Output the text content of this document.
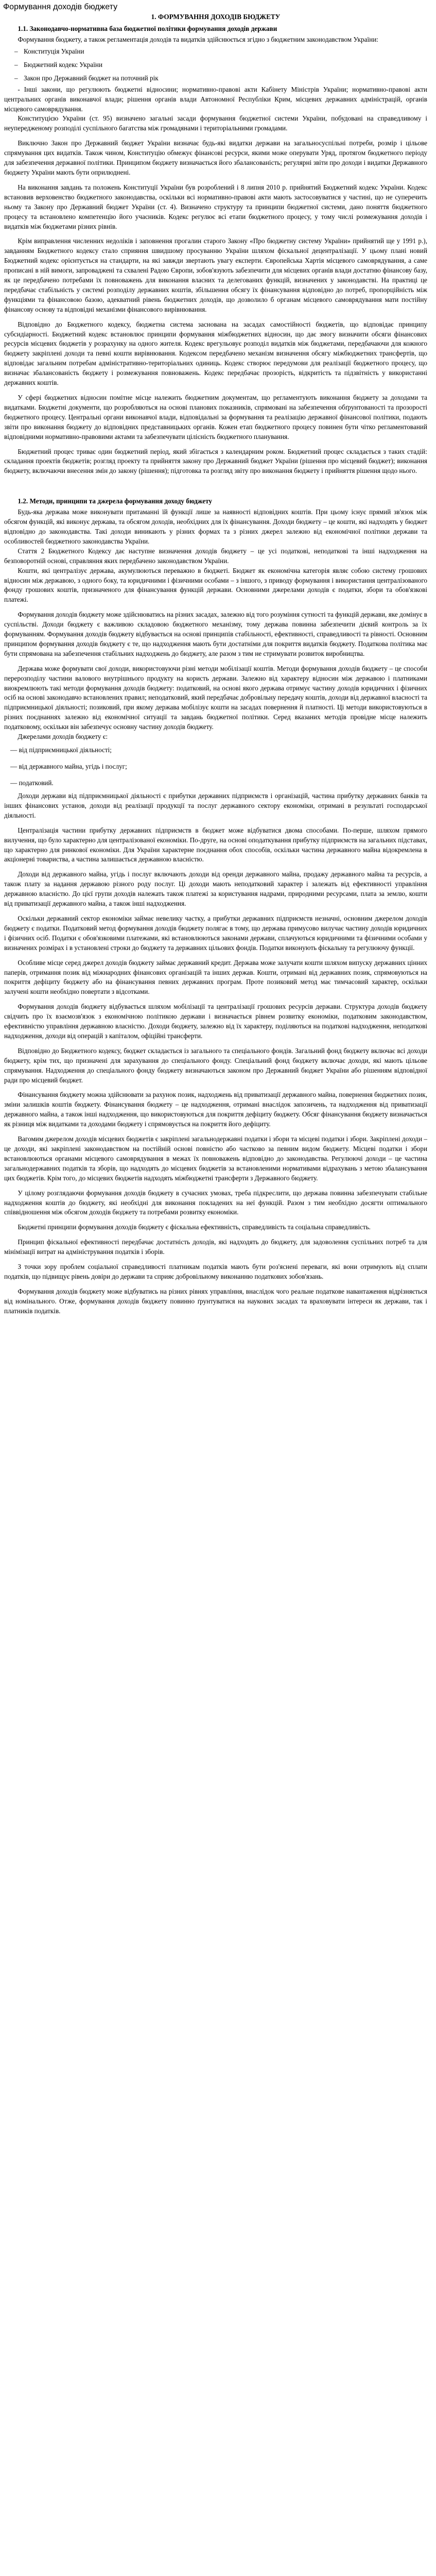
Формування доходів бюджету

1. ФОРМУВАННЯ ДОХОДІВ БЮДЖЕТУ

1.1. Законодавчо-нормативна база бюджетної політики формування доходів держави

Формування бюджету, а також регламентація доходів та видатків здійснюється згідно з бюджетним законодавством України:

– Конституція України
– Бюджетний кодекс України
– Закон про Державний бюджет на поточний рік

- Інші закони, що регулюють бюджетні відносини; нормативно-правові акти Кабінету Міністрів України; нормативно-правові акти центральних органів виконавчої влади; рішення органів влади Автономної Республіки Крим, місцевих державних адміністрацій, органів місцевого самоврядування.

Конституцією України (ст. 95) визначено загальні засади формування бюджетної системи України, побудовані на справедливому і неупередженому розподілі суспільного багатства між громадянами і територіальними громадами.

Виключно Закон про Державний бюджет України визначає будь-які видатки держави на загальносуспільні потреби, розмір і цільове спрямування цих видатків. Також чином, Конституцію обмежує фінансові ресурси, якими може оперувати Уряд, протягом бюджетного періоду для забезпечення державної політики. Принципом бюджету визначається його збалансованість; регулярні звіти про доходи і видатки Державного бюджету України мають бути оприлюднені.

На виконання завдань та положень Конституції України був розроблений і 8 липня 2010 р. прийнятий Бюджетний кодекс України. Кодекс встановив верховенство бюджетного законодавства, оскільки всі нормативно-правові акти мають застосовуватися у частині, що не суперечить ньому та Закону про Державний бюджет України (ст. 4). Визначено структуру та принципи бюджетної системи, дано поняття бюджетного процесу та встановлено компетенцію його учасників. Кодекс регулює всі етапи бюджетного процесу, у тому числі розмежування доходів і видатків між бюджетами різних рівнів.

Крім виправлення численних недоліків і заповнення прогалин старого Закону «Про бюджетну систему України» прийнятий ще у 1991 р.), завданням Бюджетного кодексу стало сприяння швидшому просуванню України шляхом фіскальної децентралізації. У цьому плані новий Бюджетний кодекс орієнтується на стандарти, на які завжди звертають увагу експерти. Європейська Хартія місцевого самоврядування, а саме прописані в ній вимоги, запроваджені та схвалені Радою Європи, зобов'язують забезпечити для місцевих органів влади достатню фінансову базу, як це передбачено потребами їх повноважень для виконання власних та делегованих функцій, визначених у законодавстві. На практиці це передбачає стабільність у системі розподілу державних коштів, збільшення обсягу їх фінансування відповідно до потреб, пропорційність між функціями та фінансовою базою, адекватний рівень бюджетних доходів, що дозволило б органам місцевого самоврядування мати постійну фінансову основу та відповідні механізми фінансового вирівнювання.

Відповідно до Бюджетного кодексу, бюджетна система заснована на засадах самостійності бюджетів, що відповідає принципу субсидіарності. Бюджетний кодекс встановлює принципи формування міжбюджетних відносин, що дає змогу визначити обсяги фінансових ресурсів місцевих бюджетів у розрахунку на одного жителя. Кодекс врегульовує розподіл видатків між бюджетами, передбачаючи для кожного бюджету закріплені доходи та певні кошти вирівнювання. Кодексом передбачено механізм визначення обсягу міжбюджетних трансфертів, що відповідає загальним потребам адміністративно-територіальних одиниць. Кодекс створює передумови для реалізації бюджетного процесу, що визначає збалансованість бюджету і розмежування повноважень. Кодекс передбачає прозорість, відкритість та підзвітність у використанні державних коштів.

У сфері бюджетних відносин помітне місце належить бюджетним документам, що регламентують виконання бюджету за доходами та видатками. Бюджетні документи, що розробляються на основі планових показників, спрямовані на забезпечення обґрунтованості та прозорості бюджетного процесу. Центральні органи виконавчої влади, відповідальні за формування та реалізацію державної фінансової політики, подають звіти про виконання бюджету до відповідних представницьких органів. Кожен етап бюджетного процесу повинен бути чітко регламентований відповідними нормативно-правовими актами та забезпечувати цілісність бюджетного планування.

Бюджетний процес триває один бюджетний період, який збігається з календарним роком. Бюджетний процес складається з таких стадій: складання проектів бюджетів; розгляд проекту та прийняття закону про Державний бюджет України (рішення про місцевий бюджет); виконання бюджету, включаючи внесення змін до закону (рішення); підготовка та розгляд звіту про виконання бюджету і прийняття рішення щодо нього.

1.2. Методи, принципи та джерела формування доходу бюджету

Будь-яка держава може виконувати притаманні їй функції лише за наявності відповідних коштів. При цьому існує прямий зв'язок між обсягом функцій, які виконує держава, та обсягом доходів, необхідних для їх фінансування. Доходи бюджету – це кошти, які надходять у бюджет відповідно до законодавства. Такі доходи виникають у різних формах та з різних джерел залежно від економічної політики держави та особливостей бюджетного законодавства України.

Стаття 2 Бюджетного Кодексу дає наступне визначення доходів бюджету – це усі податкові, неподаткові та інші надходження на безповоротній основі, справляння яких передбачено законодавством України.

Кошти, які централізує держава, акумулюються переважно в бюджеті. Бюджет як економічна категорія являє собою систему грошових відносин між державою, з одного боку, та юридичними і фізичними особами – з іншого, з приводу формування і використання централізованого фонду грошових коштів, призначеного для фінансування функцій держави. Основними джерелами доходів є податки, збори та обов'язкові платежі.

Формування доходів бюджету може здійснюватись на різних засадах, залежно від того розуміння сутності та функцій держави, яке домінує в суспільстві. Доходи бюджету є важливою складовою бюджетного механізму, тому держава повинна забезпечити дієвий контроль за їх формуванням. Формування доходів бюджету відбувається на основі принципів стабільності, ефективності, справедливості та рівності. Основним принципом формування доходів бюджету є те, що надходження мають бути достатніми для покриття видатків бюджету. Податкова політика має бути спрямована на забезпечення стабільних надходжень до бюджету, але разом з тим не стримувати розвиток виробництва.

Держава може формувати свої доходи, використовуючи різні методи мобілізації коштів. Методи формування доходів бюджету – це способи перерозподілу частини валового внутрішнього продукту на користь держави. Залежно від характеру відносин між державою і платниками виокремлюють такі методи формування доходів бюджету: податковий, на основі якого держава отримує частину доходів юридичних і фізичних осіб на основі законодавчо встановлених правил; неподатковий, який передбачає добровільну передачу коштів, доходи від державної власності та підприємницької діяльності; позиковий, при якому держава мобілізує кошти на засадах повернення й платності. Ці методи використовуються в різних поєднаннях залежно від економічної ситуації та завдань бюджетної політики. Серед вказаних методів провідне місце належить податковому, оскільки він забезпечує основну частину доходів бюджету.

Джерелами доходів бюджету є:

— від підприємницької діяльності;
— від державного майна, угідь і послуг;
— податковий.

Доходи держави від підприємницької діяльності є прибутки державних підприємств і організацій, частина прибутку державних банків та інших фінансових установ, доходи від реалізації продукції та послуг державного сектору економіки, отримані в результаті господарської діяльності.

Централізація частини прибутку державних підприємств в бюджет може відбуватися двома способами. По-перше, шляхом прямого вилучення, що було характерно для централізованої економіки. По-друге, на основі оподаткування прибутку підприємств на загальних підставах, що характерно для ринкової економіки. Для України характерне поєднання обох способів, оскільки частина державного майна відокремлена в акціонерні товариства, а частина залишається державною власністю.

Доходи від державного майна, угідь і послуг включають доходи від оренди державного майна, продажу державного майна та ресурсів, а також плату за надання державою різного роду послуг. Ці доходи мають неподатковий характер і залежать від ефективності управління державною власністю. До цієї групи доходів належать також платежі за користування надрами, природними ресурсами, плата за землю, кошти від приватизації державного майна, а також інші надходження.

Оскільки державний сектор економіки займає невелику частку, а прибутки державних підприємств незначні, основним джерелом доходів бюджету є податки. Податковий метод формування доходів бюджету полягає в тому, що держава примусово вилучає частину доходів юридичних і фізичних осіб. Податки є обов'язковими платежами, які встановлюються законами держави, сплачуються юридичними та фізичними особами у визначених розмірах і в установлені строки до бюджету та державних цільових фондів. Податки виконують фіскальну та регулюючу функції.

Особливе місце серед джерел доходів бюджету займає державний кредит. Держава може залучати кошти шляхом випуску державних цінних паперів, отримання позик від міжнародних фінансових організацій та інших держав. Кошти, отримані від державних позик, спрямовуються на покриття дефіциту бюджету або на фінансування певних державних програм. Проте позиковий метод має тимчасовий характер, оскільки залучені кошти необхідно повертати з відсотками.

Формування доходів бюджету відбувається шляхом мобілізації та централізації грошових ресурсів держави. Структура доходів бюджету свідчить про їх взаємозв'язок з економічною політикою держави і визначається рівнем розвитку економіки, податковим законодавством, ефективністю управління державною власністю. Доходи бюджету, залежно від їх характеру, поділяються на податкові надходження, неподаткові надходження, доходи від операцій з капіталом, офіційні трансферти.

Відповідно до Бюджетного кодексу, бюджет складається із загального та спеціального фондів. Загальний фонд бюджету включає всі доходи бюджету, крім тих, що призначені для зарахування до спеціального фонду. Спеціальний фонд бюджету включає доходи, які мають цільове спрямування. Надходження до спеціального фонду бюджету визначаються законом про Державний бюджет України або рішенням відповідної ради про місцевий бюджет.

Фінансування бюджету можна здійснювати за рахунок позик, надходжень від приватизації державного майна, повернення бюджетних позик, зміни залишків коштів бюджету. Фінансування бюджету – це надходження, отримані внаслідок запозичень, та надходження від приватизації державного майна, а також інші надходження, що використовуються для покриття дефіциту бюджету. Обсяг фінансування бюджету визначається як різниця між видатками та доходами бюджету і спрямовується на покриття його дефіциту.

Вагомим джерелом доходів місцевих бюджетів є закріплені загальнодержавні податки і збори та місцеві податки і збори. Закріплені доходи – це доходи, які закріплені законодавством на постійній основі повністю або частково за певним видом бюджету. Місцеві податки і збори встановлюються органами місцевого самоврядування в межах їх повноважень відповідно до законодавства. Регулюючі доходи – це частина загальнодержавних податків та зборів, що надходять до місцевих бюджетів за встановленими нормативами відрахувань з метою збалансування цих бюджетів. Крім того, до місцевих бюджетів надходять міжбюджетні трансферти з Державного бюджету.

У цілому розглядаючи формування доходів бюджету в сучасних умовах, треба підкреслити, що держава повинна забезпечувати стабільне надходження коштів до бюджету, які необхідні для виконання покладених на неї функцій. Разом з тим необхідно досягти оптимального співвідношення між обсягом доходів бюджету та потребами розвитку економіки.

Бюджетні принципи формування доходів бюджету є фіскальна ефективність, справедливість та соціальна справедливість.

Принцип фіскальної ефективності передбачає достатність доходів, які надходять до бюджету, для задоволення суспільних потреб та для мінімізації витрат на адміністрування податків і зборів.

З точки зору проблем соціальної справедливості платникам податків мають бути роз'яснені переваги, які вони отримують від сплати податків, що підвищує рівень довіри до держави та сприяє добровільному виконанню податкових зобов'язань.

Формування доходів бюджету може відбуватись на різних рівнях управління, внаслідок чого реальне податкове навантаження відрізняється від номінального. Отже, формування доходів бюджету повинно ґрунтуватися на наукових засадах та враховувати інтереси як держави, так і платників податків.
